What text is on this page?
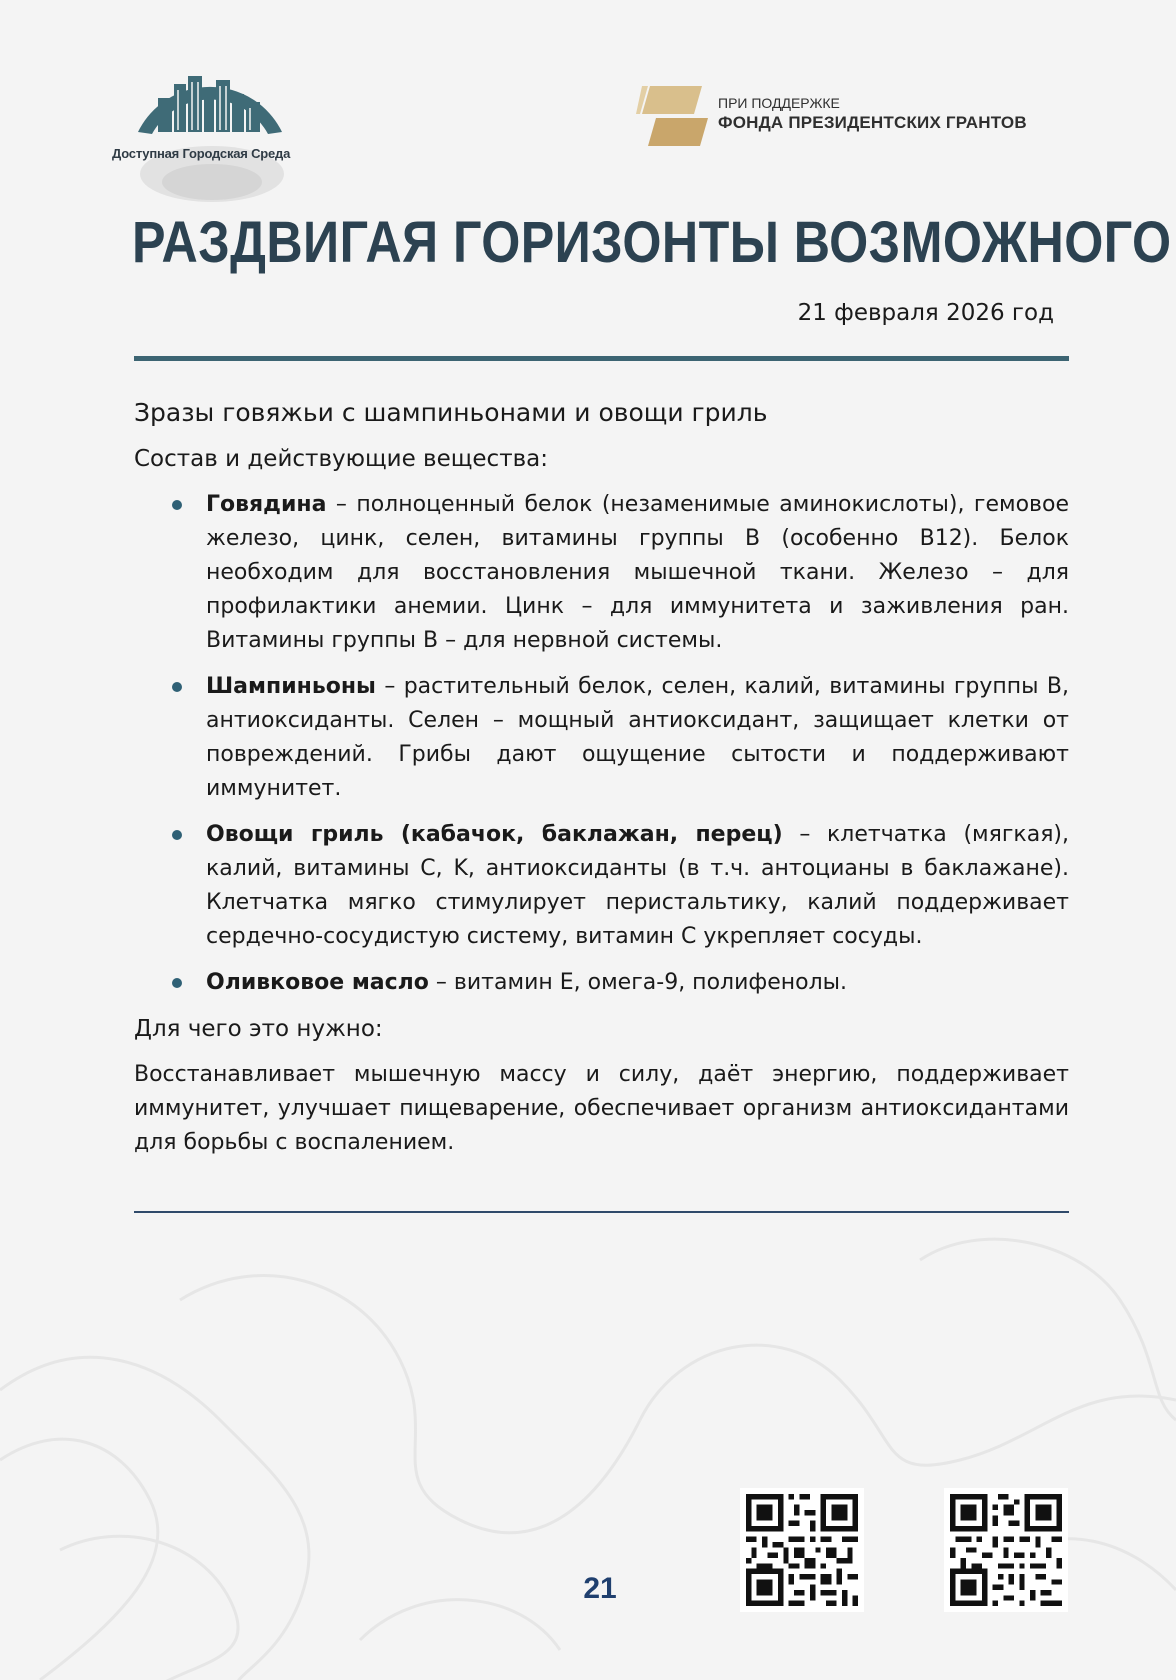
Доступная Городская Среда
ПРИ ПОДДЕРЖКЕ
ФОНДА ПРЕЗИДЕНТСКИХ ГРАНТОВ
РАЗДВИГАЯ ГОРИЗОНТЫ ВОЗМОЖНОГО
21 февраля 2026 год
Зразы говяжьи с шампиньонами и овощи гриль
Состав и действующие вещества:
Говядина – полноценный белок (незаменимые аминокислоты), гемовое железо, цинк, селен, витамины группы B (особенно B12). Белок необходим для восстановления мышечной ткани. Железо – для профилактики анемии. Цинк – для иммунитета и заживления ран. Витамины группы B – для нервной системы.
Шампиньоны – растительный белок, селен, калий, витамины группы B, антиоксиданты. Селен – мощный антиоксидант, защищает клетки от повреждений. Грибы дают ощущение сытости и поддерживают иммунитет.
Овощи гриль (кабачок, баклажан, перец) – клетчатка (мягкая), калий, витамины C, K, антиоксиданты (в т.ч. антоцианы в баклажане). Клетчатка мягко стимулирует перистальтику, калий поддерживает сердечно-сосудистую систему, витамин C укрепляет сосуды.
Оливковое масло – витамин E, омега-9, полифенолы.
Для чего это нужно:

Восстанавливает мышечную массу и силу, даёт энергию, поддерживает иммунитет, улучшает пищеварение, обеспечивает организм антиоксидантами для борьбы с воспалением.

21
